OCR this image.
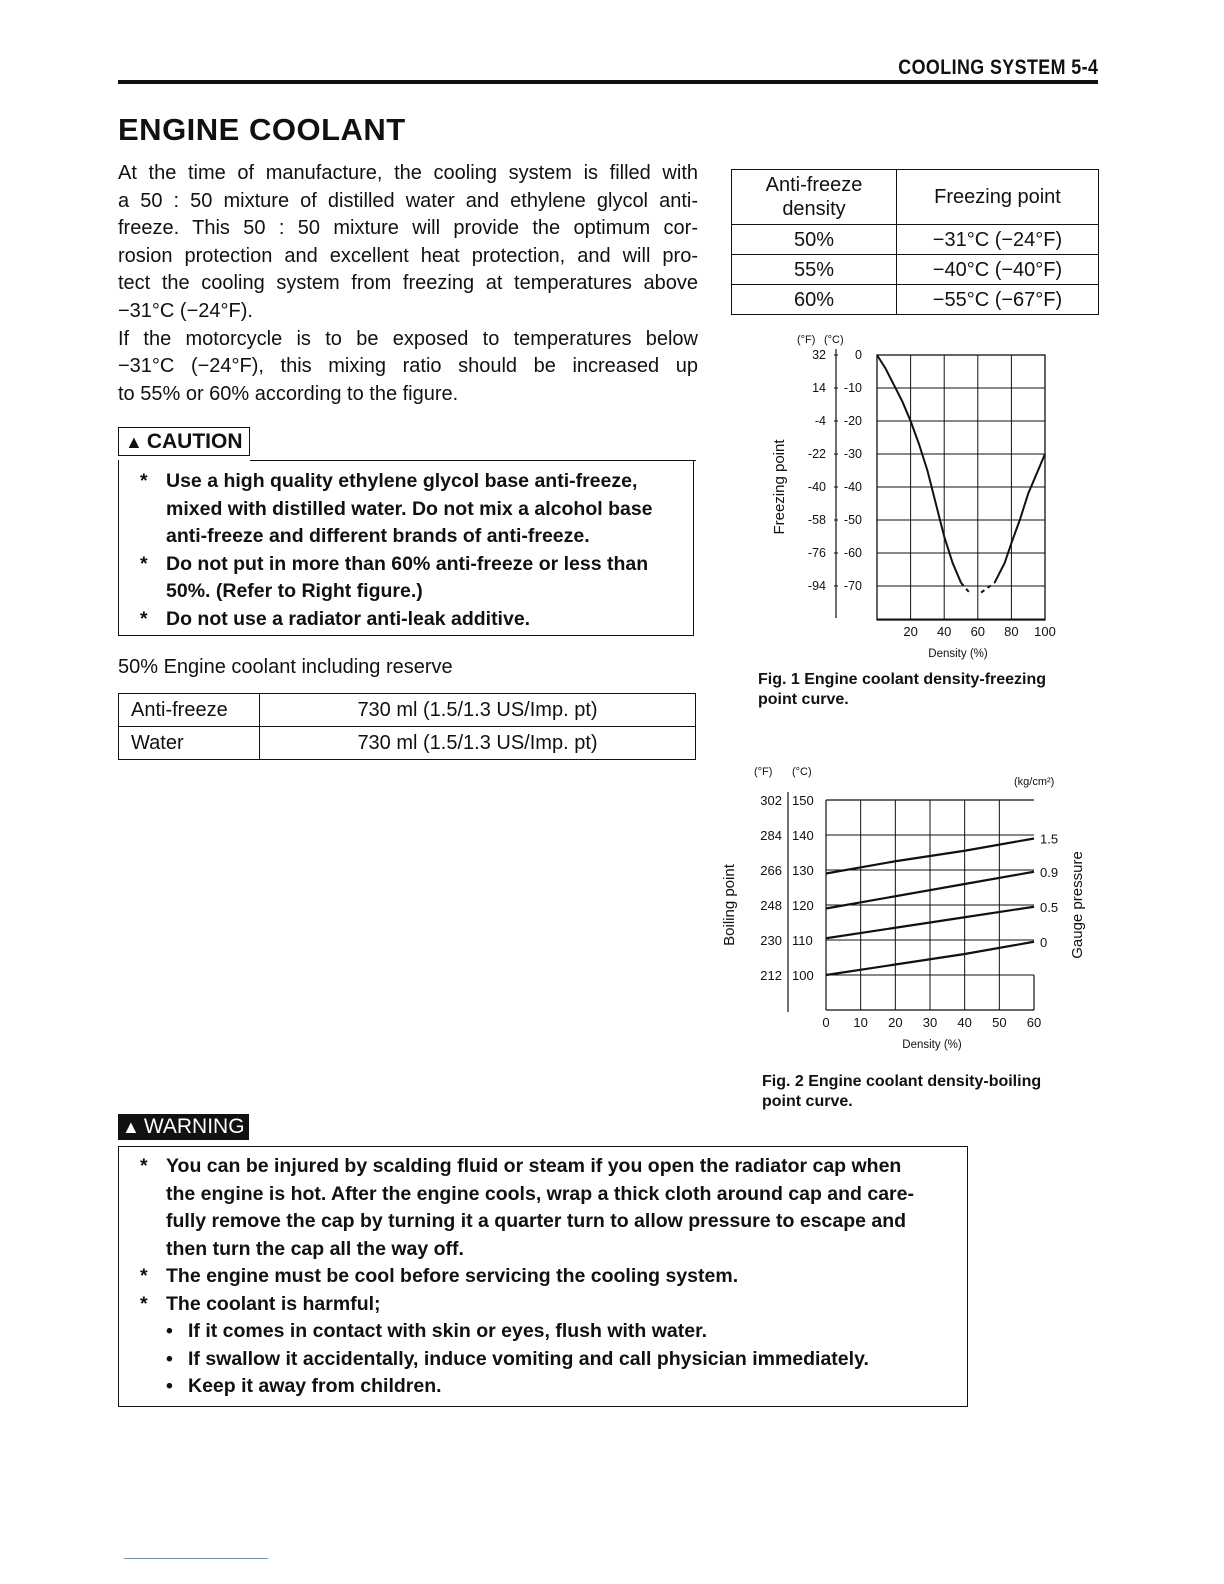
COOLING SYSTEM 5-4
ENGINE COOLANT
At the time of manufacture, the cooling system is filled with
a 50 : 50 mixture of distilled water and ethylene glycol anti-
freeze. This 50 : 50 mixture will provide the optimum cor-
rosion protection and excellent heat protection, and will pro-
tect the cooling system from freezing at temperatures above
−31°C (−24°F).
If the motorcycle is to be exposed to temperatures below
−31°C (−24°F), this mixing ratio should be increased up
to 55% or 60% according to the figure.
▲ CAUTION
* Use a high quality ethylene glycol base anti-freeze,
mixed with distilled water. Do not mix a alcohol base
anti-freeze and different brands of anti-freeze.
* Do not put in more than 60% anti-freeze or less than
50%. (Refer to Right figure.)
* Do not use a radiator anti-leak additive.
50% Engine coolant including reserve
Anti-freeze	730 ml (1.5/1.3 US/Imp. pt)
Water	730 ml (1.5/1.3 US/Imp. pt)
Anti-freeze density	Freezing point
50%	−31°C (−24°F)
55%	−40°C (−40°F)
60%	−55°C (−67°F)
(°F) (°C)
0
32
-10
14
-20
-4
-30
-22
-40
-40
-50
-58
-60
-76
-70
-94
20 40 60 80 100
Density (%)
Freezing point
Fig. 1 Engine coolant density-freezing point curve.
(°F) (°C)
(kg/cm²)
150
302
140
284
130
266
120
248
110
230
100
212
0 10 20 30 40 50 60
Density (%)
Boiling point	Gauge pressure
1.5
0.9
0.5
0
Fig. 2 Engine coolant density-boiling point curve.
▲ WARNING
* You can be injured by scalding fluid or steam if you open the radiator cap when
the engine is hot. After the engine cools, wrap a thick cloth around cap and care-
fully remove the cap by turning it a quarter turn to allow pressure to escape and
then turn the cap all the way off.
* The engine must be cool before servicing the cooling system.
* The coolant is harmful;
• If it comes in contact with skin or eyes, flush with water.
• If swallow it accidentally, induce vomiting and call physician immediately.
• Keep it away from children.
